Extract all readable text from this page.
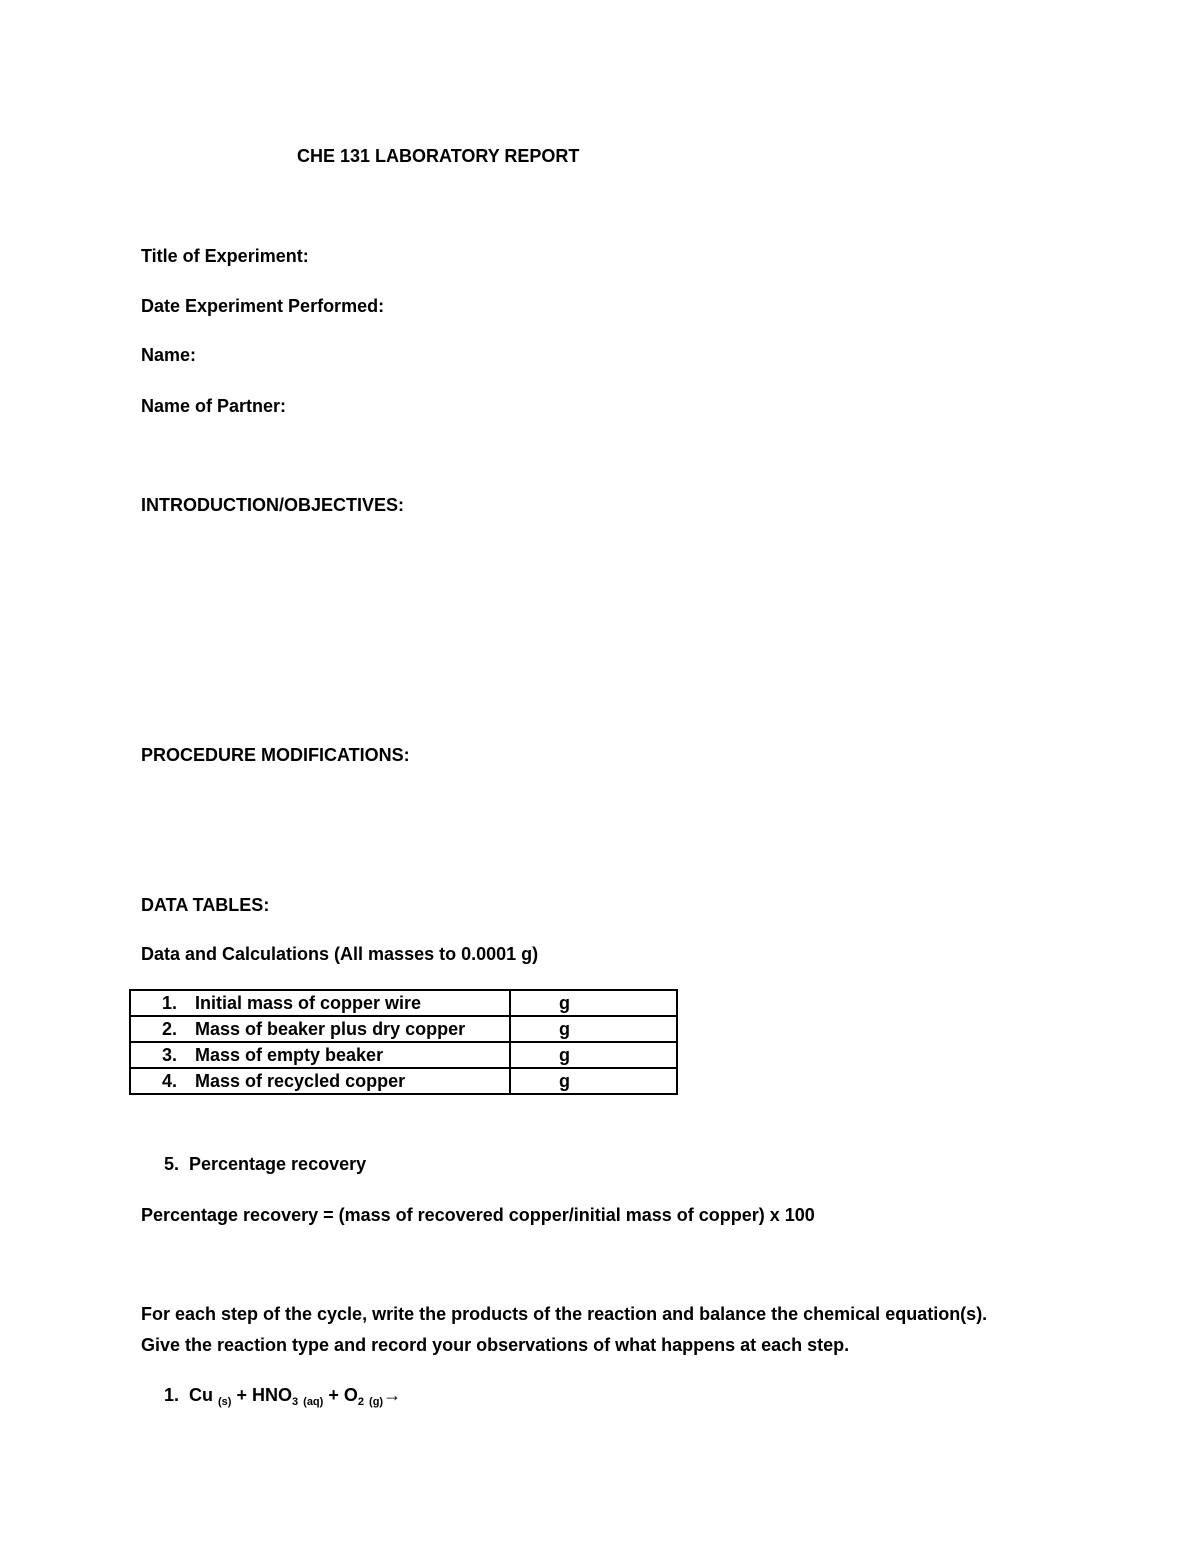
CHE 131 LABORATORY REPORT
Title of Experiment:
Date Experiment Performed:
Name:
Name of Partner:
INTRODUCTION/OBJECTIVES:
PROCEDURE MODIFICATIONS:
DATA TABLES:
Data and Calculations (All masses to 0.0001 g)
1. Initial mass of copper wire	g
2. Mass of beaker plus dry copper	g
3. Mass of empty beaker	g
4. Mass of recycled copper	g
5. Percentage recovery
Percentage recovery = (mass of recovered copper/initial mass of copper) x 100
For each step of the cycle, write the products of the reaction and balance the chemical equation(s).
Give the reaction type and record your observations of what happens at each step.
1. Cu $_{(s)} + HNO_3$ $_{(aq)} + O_2$ $_{(g)}$→
